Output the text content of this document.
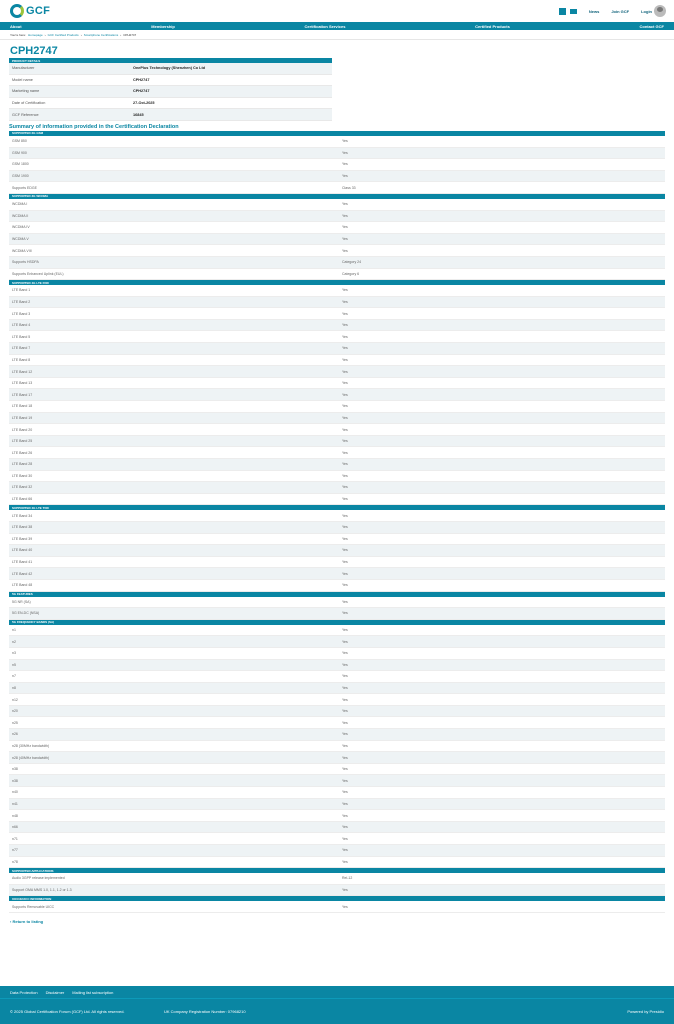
GCF	News	Join GCF	Login
About	Membership	Certification Services	Certified Products	Contact GCF
You're here: Homepage › GCF Certified Products › Smartphone Certifications › CPH2747
CPH2747
PRODUCT DETAILS
Manufacturer	OnePlus Technology (Shenzhen) Co Ltd
Model name	CPH2747
Marketing name	CPH2747
Date of Certification	27-Oct-2025
GCF Reference	16845
Summary of information provided in the Certification Declaration
SUPPORTED 2G GSM
GSM 850	Yes
GSM 900	Yes
GSM 1800	Yes
GSM 1900	Yes
Supports EDGE	Class 33
SUPPORTED 3G WCDMA
WCDMA I	Yes
WCDMA II	Yes
WCDMA IV	Yes
WCDMA V	Yes
WCDMA VIII	Yes
Supports HSDPA	Category 24
Supports Enhanced Uplink (EUL)	Category 6
SUPPORTED 4G LTE FDD
LTE Band 1	Yes
LTE Band 2	Yes
LTE Band 3	Yes
LTE Band 4	Yes
LTE Band 5	Yes
LTE Band 7	Yes
LTE Band 8	Yes
LTE Band 12	Yes
LTE Band 13	Yes
LTE Band 17	Yes
LTE Band 18	Yes
LTE Band 19	Yes
LTE Band 20	Yes
LTE Band 25	Yes
LTE Band 26	Yes
LTE Band 28	Yes
LTE Band 30	Yes
LTE Band 32	Yes
LTE Band 66	Yes
SUPPORTED 4G LTE TDD
LTE Band 34	Yes
LTE Band 38	Yes
LTE Band 39	Yes
LTE Band 40	Yes
LTE Band 41	Yes
LTE Band 42	Yes
LTE Band 48	Yes
5G FEATURES
5G NR (SA)	Yes
5G EN-DC (NSA)	Yes
5G FREQUENCY BANDS (SA)
n1	Yes
n2	Yes
n3	Yes
n5	Yes
n7	Yes
n8	Yes
n12	Yes
n20	Yes
n25	Yes
n26	Yes
n28 (30MHz bandwidth)	Yes
n28 (40MHz bandwidth)	Yes
n38	Yes
n38	Yes
n40	Yes
n41	Yes
n48	Yes
n66	Yes
n71	Yes
n77	Yes
n78	Yes
SUPPORTED APPLICATIONS
Audio 3GPP release implemented	Rel-12
Support OMA MMS 1.0, 1.1, 1.2 or 1.3	Yes
UICC/EUICC INFORMATION
Supports Removable UICC	Yes
‹ Return to listing
Data Protection Disclaimer Mailing list subscription
© 2025 Global Certification Forum (GCF) Ltd. All rights reserved.	UK Company Registration Number: 07968210	Powered by Presidio
